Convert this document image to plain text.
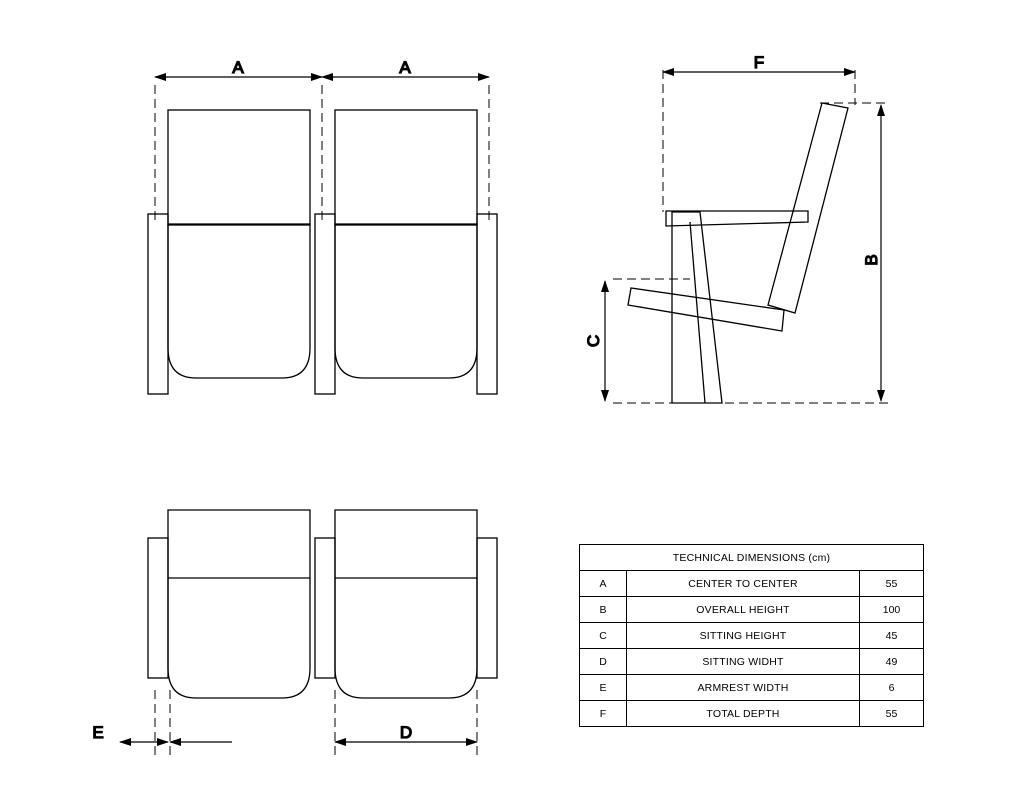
A	A	F
B
C
E	D
TECHNICAL DIMENSIONS (cm)		
A	CENTER TO CENTER	55
B	OVERALL HEIGHT	100
C	SITTING HEIGHT	45
D	SITTING WIDHT	49
E	ARMREST WIDTH	6
F	TOTAL DEPTH	55
